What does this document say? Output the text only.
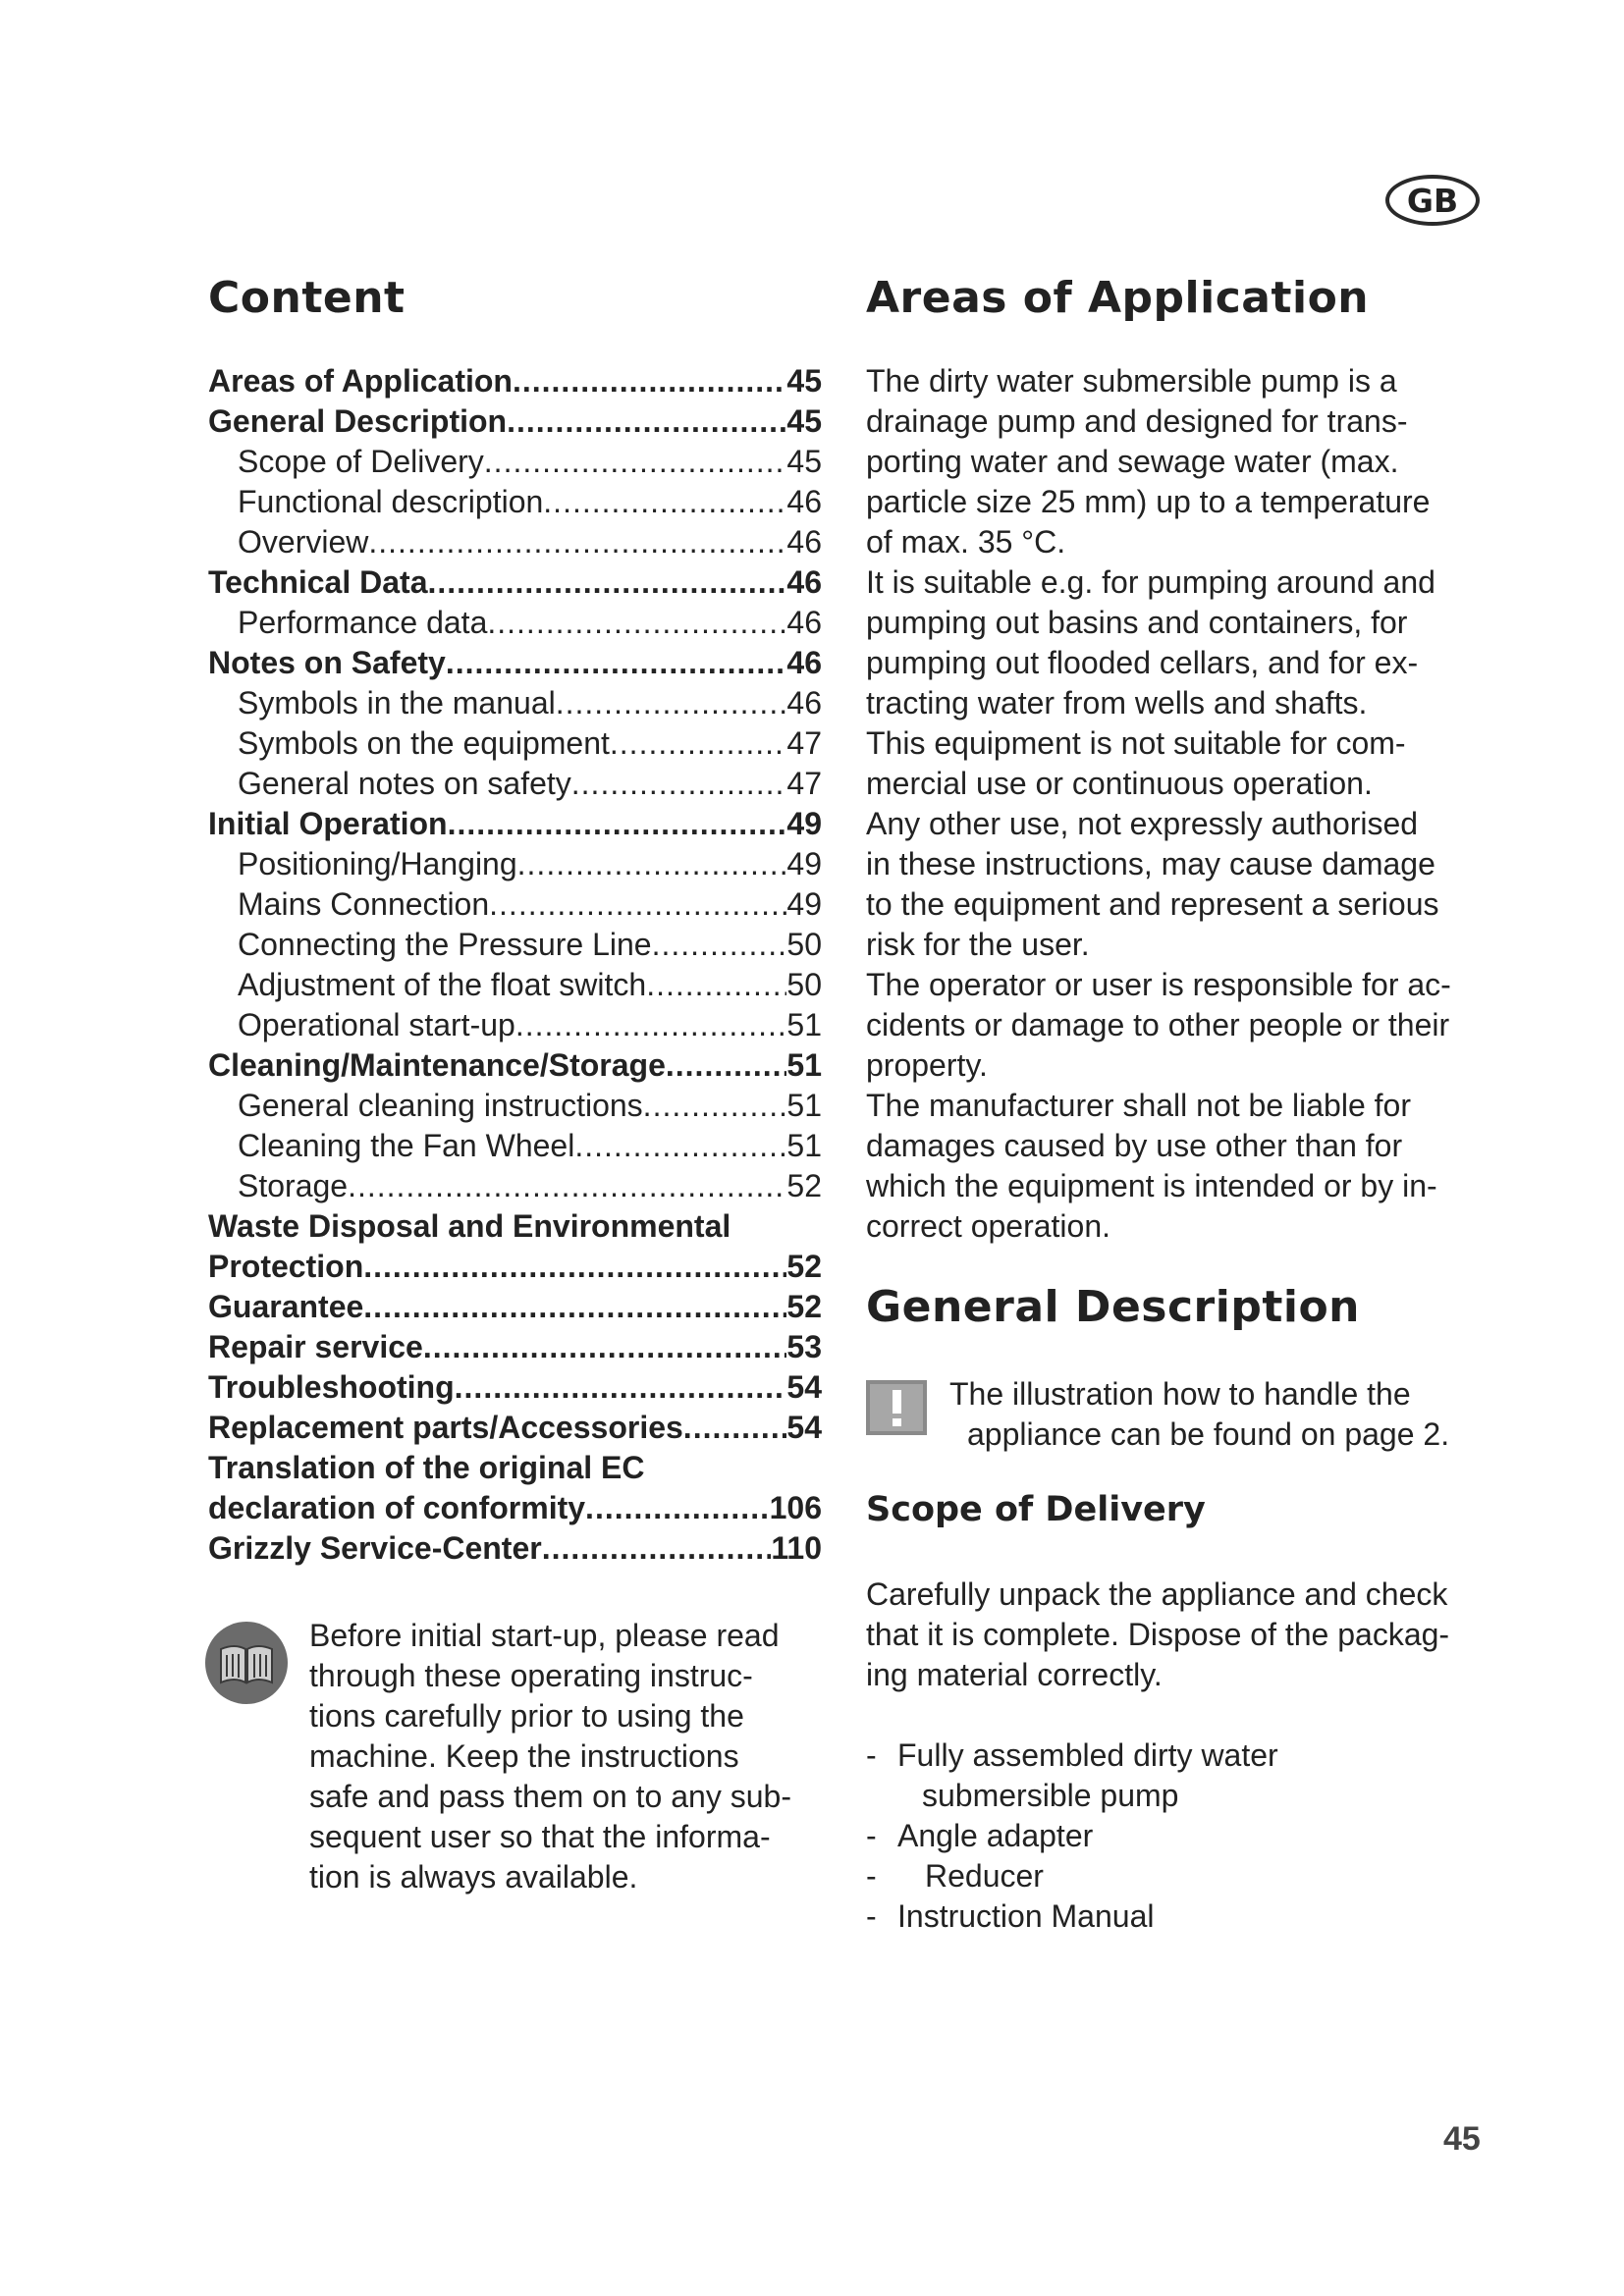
GB
Content
Areas of Application .....	45
General Description .....	45
Scope of Delivery .....	45
Functional description .....	46
Overview .....	46
Technical Data .....	46
Performance data .....	46
Notes on Safety .....	46
Symbols in the manual .....	46
Symbols on the equipment .....	47
General notes on safety .....	47
Initial Operation .....	49
Positioning/Hanging .....	49
Mains Connection .....	49
Connecting the Pressure Line .....	50
Adjustment of the float switch .....	50
Operational start-up .....	51
Cleaning/Maintenance/Storage .....	51
General cleaning instructions .....	51
Cleaning the Fan Wheel .....	51
Storage .....	52
Waste Disposal and Environmental
Protection .....	52
Guarantee .....	52
Repair service .....	53
Troubleshooting .....	54
Replacement parts/Accessories .....	54
Translation of the original EC
declaration of conformity .....	106
Grizzly Service-Center .....	110

Before initial start-up, please read

through these operating instruc-

tions carefully prior to using the

machine. Keep the instructions

safe and pass them on to any sub-

sequent user so that the informa-

tion is always available.

Areas of Application

The dirty water submersible pump is a

drainage pump and designed for trans-

porting water and sewage water (max.

particle size 25 mm) up to a temperature

of max. 35 °C.

It is suitable e.g. for pumping around and

pumping out basins and containers, for

pumping out flooded cellars, and for ex-

tracting water from wells and shafts.

This equipment is not suitable for com-

mercial use or continuous operation.

Any other use, not expressly authorised

in these instructions, may cause damage

to the equipment and represent a serious

risk for the user.

The operator or user is responsible for ac-

cidents or damage to other people or their

property.

The manufacturer shall not be liable for

damages caused by use other than for

which the equipment is intended or by in-

correct operation.

General Description

The illustration how to handle the

appliance can be found on page 2.

Scope of Delivery

Carefully unpack the appliance and check

that it is complete. Dispose of the packag-

ing material correctly.

- Fully assembled dirty water
submersible pump
- Angle adapter
- Reducer
- Instruction Manual
45
